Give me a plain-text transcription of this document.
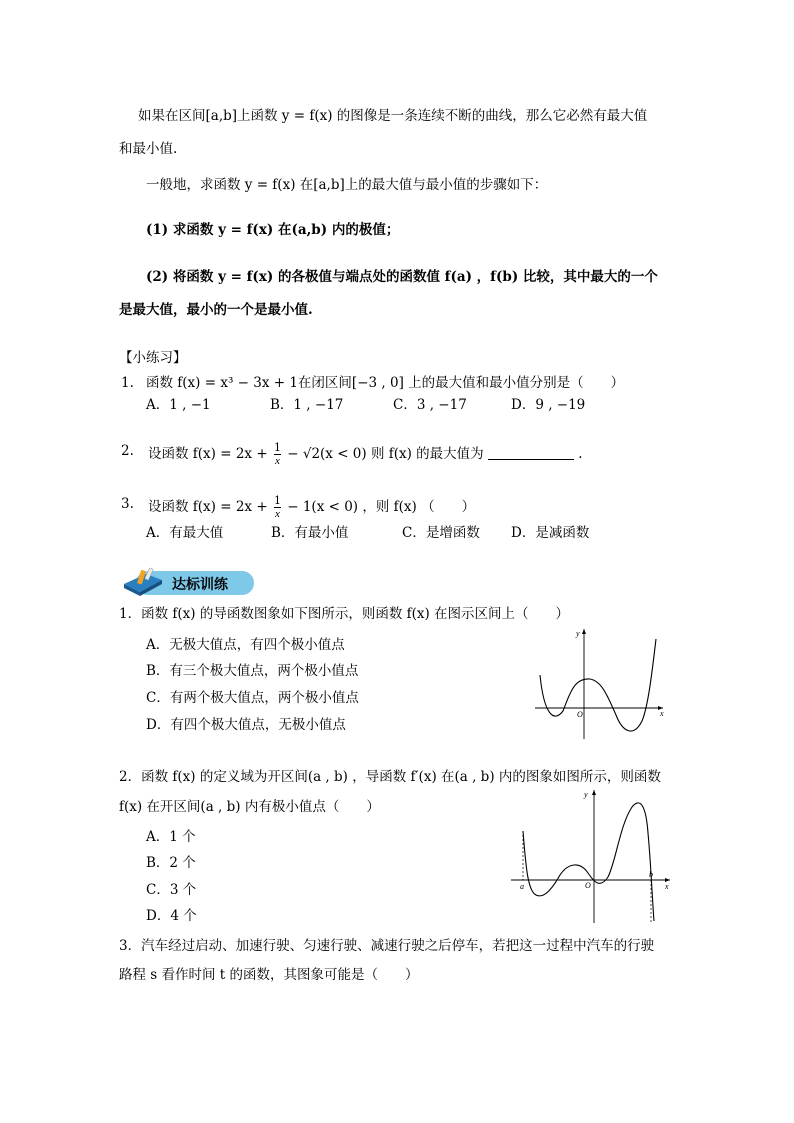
如果在区间[a,b]上函数 y = f(x) 的图像是一条连续不断的曲线，那么它必然有最大值
和最小值.
一般地，求函数 y = f(x) 在[a,b]上的最大值与最小值的步骤如下：
(1) 求函数 y = f(x) 在(a,b) 内的极值；
(2) 将函数 y = f(x) 的各极值与端点处的函数值 f(a) ，f(b) 比较，其中最大的一个
是最大值，最小的一个是最小值.
【小练习】
1. 函数 f(x) = x³ − 3x + 1在闭区间[−3 , 0] 上的最大值和最小值分别是（　　）
A．1 , −1	B．1 , −17	C．3 , −17	D．9 , −19
2. 设函数 $f(x) = 2x + \frac{1}{x} - √2(x < 0)$ 则 f(x) 的最大值为	.
3. 设函数 $f(x) = 2x + \frac{1}{x} - 1(x < 0)$ ，则 f(x) （　　）
A．有最大值	B．有最小值	C．是增函数 D．是减函数
达标训练
1．函数 f(x) 的导函数图象如下图所示，则函数 f(x) 在图示区间上（　　）
A．无极大值点，有四个极小值点
B．有三个极大值点，两个极小值点
C．有两个极大值点，两个极小值点
D．有四个极大值点，无极小值点
y
x
O
2．函数 f(x) 的定义域为开区间(a , b) ，导函数 f′(x) 在(a , b) 内的图象如图所示，则函数
f(x) 在开区间(a , b) 内有极小值点（　　）
A．1 个
B．2 个
C．3 个
D．4 个
y
x
O
a
b
3．汽车经过启动、加速行驶、匀速行驶、减速行驶之后停车，若把这一过程中汽车的行驶
路程 s 看作时间 t 的函数，其图象可能是（　　）
